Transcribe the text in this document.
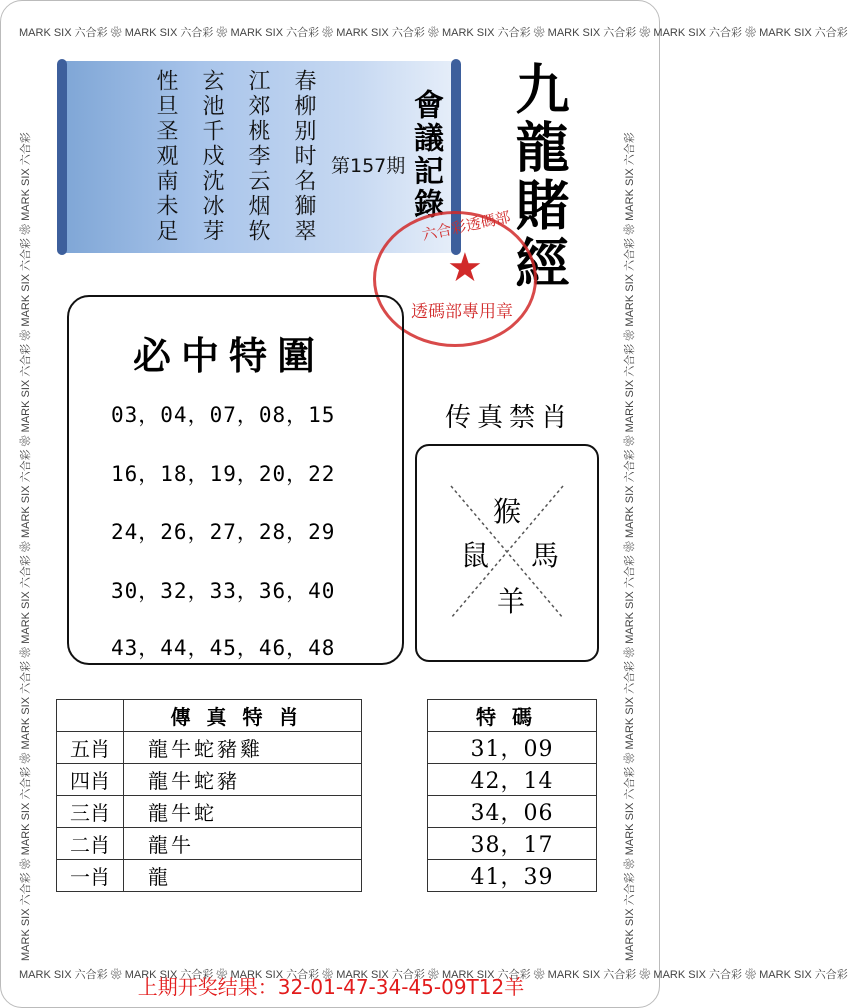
MARK SIX 六合彩 ❀ MARK SIX 六合彩 ❀ MARK SIX 六合彩 ❀ MARK SIX 六合彩 ❀ MARK SIX 六合彩 ❀ MARK SIX 六合彩 ❀ MARK SIX 六合彩 ❀ MARK SIX 六合彩
MARK SIX 六合彩 ❀ MARK SIX 六合彩 ❀ MARK SIX 六合彩 ❀ MARK SIX 六合彩 ❀ MARK SIX 六合彩 ❀ MARK SIX 六合彩 ❀ MARK SIX 六合彩 ❀ MARK SIX 六合彩
MARK SIX 六合彩 ❀ MARK SIX 六合彩 ❀ MARK SIX 六合彩 ❀ MARK SIX 六合彩 ❀ MARK SIX 六合彩 ❀ MARK SIX 六合彩 ❀ MARK SIX 六合彩 ❀ MARK SIX 六合彩	MARK SIX 六合彩 ❀ MARK SIX 六合彩 ❀ MARK SIX 六合彩 ❀ MARK SIX 六合彩 ❀ MARK SIX 六合彩 ❀ MARK SIX 六合彩 ❀ MARK SIX 六合彩 ❀ MARK SIX 六合彩
春柳别时名獅翠
江郊桃李云烟软
玄池千戍沈冰芽
性旦圣观南未足	第157期 會議記錄 九龍賭經
六合彩透碼部
★
透碼部專用章
必中特圍
03，04，07，08，15
16，18，19，20，22
24，26，27，28，29
30，32，33，36，40
43，44，45，46，48
传真禁肖
猴
鼠 馬
羊
	傳真特肖
五肖	龍牛蛇豬雞
四肖	龍牛蛇豬
三肖	龍牛蛇
二肖	龍牛
一肖	龍
特碼
31，09
42，14
34，06
38，17
41，39
上期开奖结果：32-01-47-34-45-09T12羊
